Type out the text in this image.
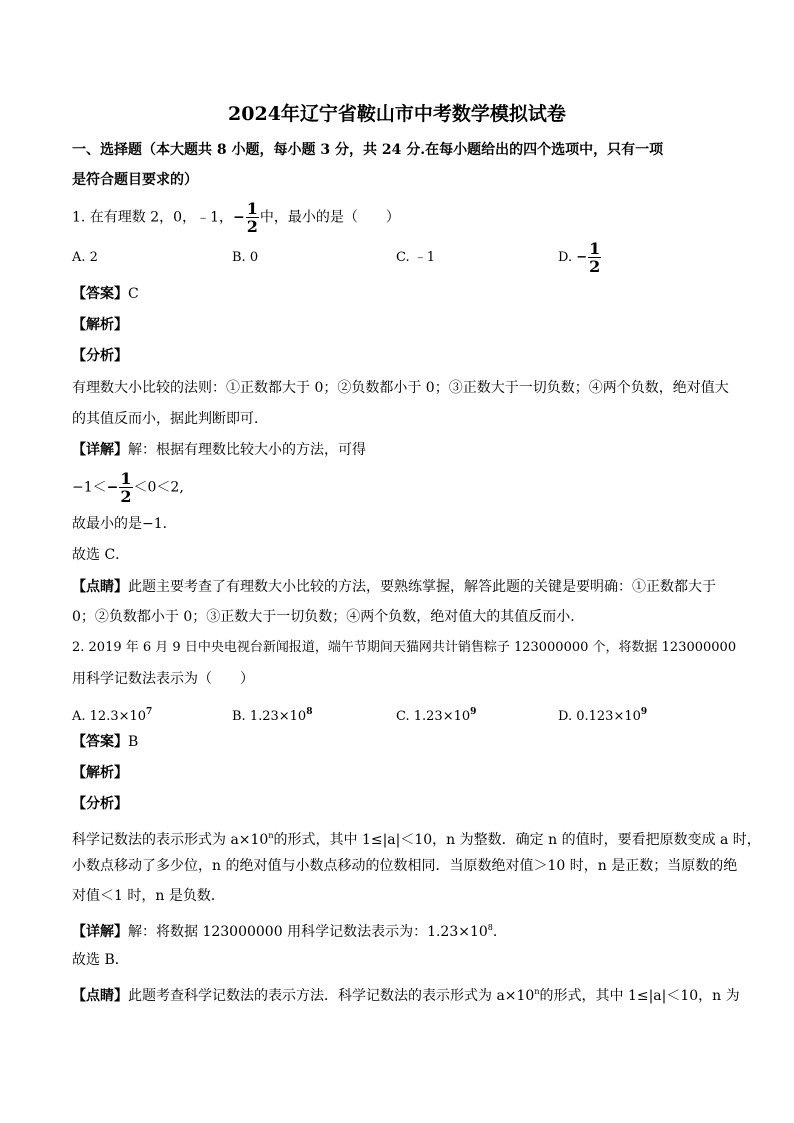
2024年辽宁省鞍山市中考数学模拟试卷
一、选择题（本大题共 8 小题，每小题 3 分，共 24 分.在每小题给出的四个选项中，只有一项
是符合题目要求的）
1. 在有理数 2，0，﹣1，− $\frac{1}{2}$ 中，最小的是（　　）
A. 2	B. 0	C. ﹣1	D. − $\frac{1}{2}$
【答案】C
【解析】
【分析】
有理数大小比较的法则：①正数都大于 0；②负数都小于 0；③正数大于一切负数；④两个负数，绝对值大
的其值反而小，据此判断即可．
【详解】解：根据有理数比较大小的方法，可得
$-1<- \frac{1}{2} <0<2$,
故最小的是−1．
故选 C．
【点睛】此题主要考查了有理数大小比较的方法，要熟练掌握，解答此题的关键是要明确：①正数都大于
0；②负数都小于 0；③正数大于一切负数；④两个负数，绝对值大的其值反而小．
2. 2019 年 6 月 9 日中央电视台新闻报道，端午节期间天猫网共计销售粽子 123000000 个，将数据 123000000
用科学记数法表示为（　　）
A. $12.3\times 10^7$	B. $1.23\times 10^8$	C. $1.23\times 10^9$	D. $0.123\times 10^9$
【答案】B
【解析】
【分析】
科学记数法的表示形式为 $a\times 10^n$的形式，其中 1≤|a|＜10，n 为整数．确定 n 的值时，要看把原数变成 a 时，
小数点移动了多少位，n 的绝对值与小数点移动的位数相同．当原数绝对值＞10 时，n 是正数；当原数的绝
对值＜1 时，n 是负数．
【详解】解：将数据 123000000 用科学记数法表示为：$1.23\times 10^8$．
故选 B．
【点睛】此题考查科学记数法的表示方法．科学记数法的表示形式为 $a\times 10^n$的形式，其中 1≤|a|＜10，n 为
